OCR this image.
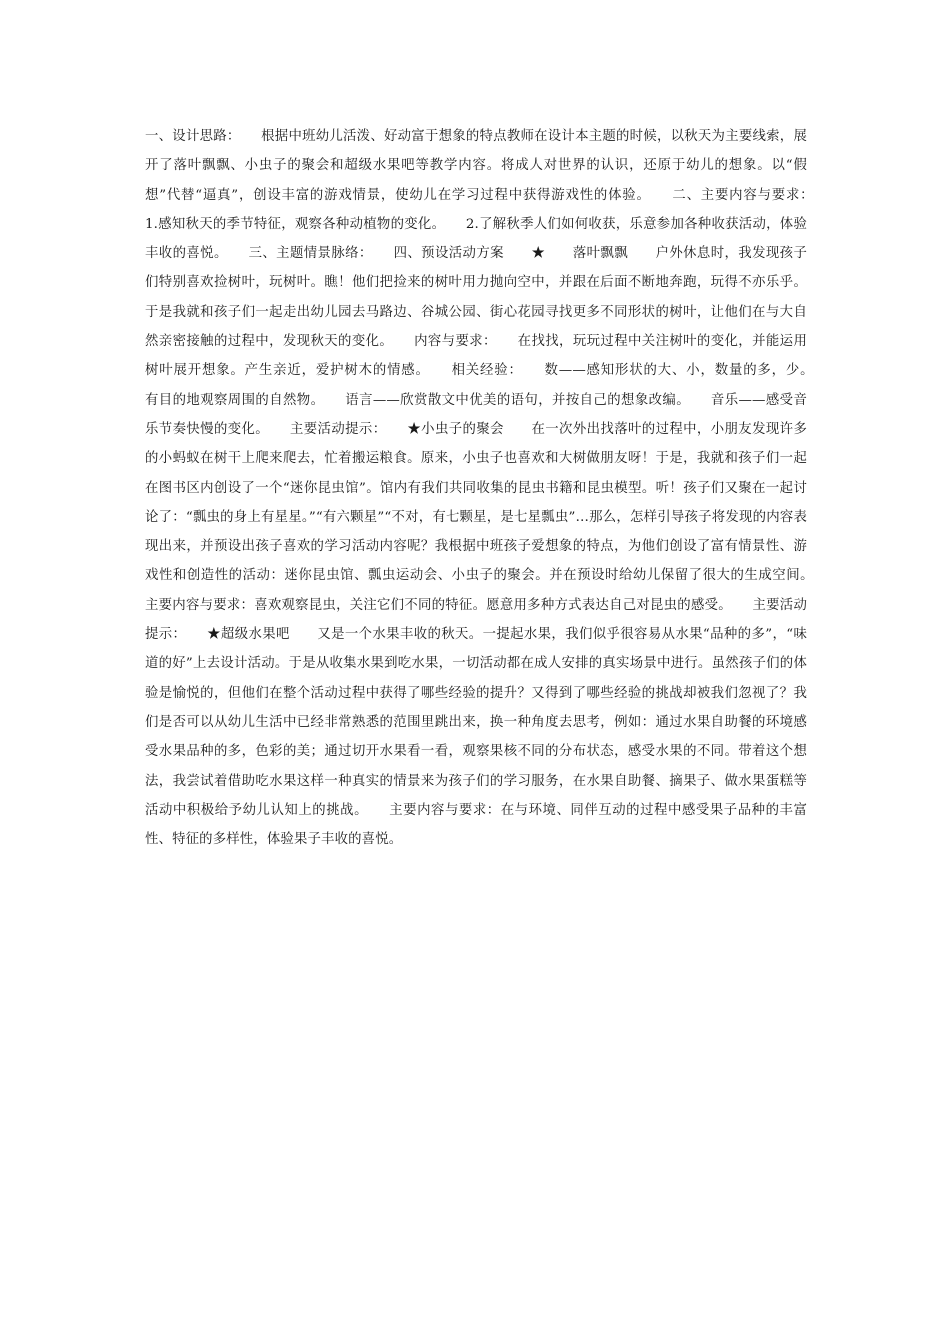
一、设计思路：　　根据中班幼儿活泼、好动富于想象的特点教师在设计本主题的时候，以秋天为主要线索，展开了落叶飘飘、小虫子的聚会和超级水果吧等教学内容。将成人对世界的认识，还原于幼儿的想象。以“假想”代替“逼真”，创设丰富的游戏情景，使幼儿在学习过程中获得游戏性的体验。　　二、主要内容与要求：　　1.感知秋天的季节特征，观察各种动植物的变化。　　2.了解秋季人们如何收获，乐意参加各种收获活动，体验丰收的喜悦。　　三、主题情景脉络：　　四、预设活动方案　　★　　落叶飘飘　　户外休息时，我发现孩子们特别喜欢捡树叶，玩树叶。瞧！他们把捡来的树叶用力抛向空中，并跟在后面不断地奔跑，玩得不亦乐乎。于是我就和孩子们一起走出幼儿园去马路边、谷城公园、街心花园寻找更多不同形状的树叶，让他们在与大自然亲密接触的过程中，发现秋天的变化。　　内容与要求：　　在找找，玩玩过程中关注树叶的变化，并能运用树叶展开想象。产生亲近，爱护树木的情感。　　相关经验：　　数——感知形状的大、小，数量的多，少。　　有目的地观察周围的自然物。　　语言——欣赏散文中优美的语句，并按自己的想象改编。　　音乐——感受音乐节奏快慢的变化。　　主要活动提示：　　★小虫子的聚会　　在一次外出找落叶的过程中，小朋友发现许多的小蚂蚁在树干上爬来爬去，忙着搬运粮食。原来，小虫子也喜欢和大树做朋友呀！于是，我就和孩子们一起在图书区内创设了一个“迷你昆虫馆”。馆内有我们共同收集的昆虫书籍和昆虫模型。听！孩子们又聚在一起讨论了：“瓢虫的身上有星星。”“有六颗星”“不对，有七颗星，是七星瓢虫”…那么，怎样引导孩子将发现的内容表现出来，并预设出孩子喜欢的学习活动内容呢？我根据中班孩子爱想象的特点，为他们创设了富有情景性、游戏性和创造性的活动：迷你昆虫馆、瓢虫运动会、小虫子的聚会。并在预设时给幼儿保留了很大的生成空间。　　主要内容与要求：喜欢观察昆虫，关注它们不同的特征。愿意用多种方式表达自己对昆虫的感受。　　主要活动提示：　　★超级水果吧　　又是一个水果丰收的秋天。一提起水果，我们似乎很容易从水果“品种的多”，“味道的好”上去设计活动。于是从收集水果到吃水果，一切活动都在成人安排的真实场景中进行。虽然孩子们的体验是愉悦的，但他们在整个活动过程中获得了哪些经验的提升？又得到了哪些经验的挑战却被我们忽视了？我们是否可以从幼儿生活中已经非常熟悉的范围里跳出来，换一种角度去思考，例如：通过水果自助餐的环境感受水果品种的多，色彩的美；通过切开水果看一看，观察果核不同的分布状态，感受水果的不同。带着这个想法，我尝试着借助吃水果这样一种真实的情景来为孩子们的学习服务，在水果自助餐、摘果子、做水果蛋糕等活动中积极给予幼儿认知上的挑战。　　主要内容与要求：在与环境、同伴互动的过程中感受果子品种的丰富性、特征的多样性，体验果子丰收的喜悦。
